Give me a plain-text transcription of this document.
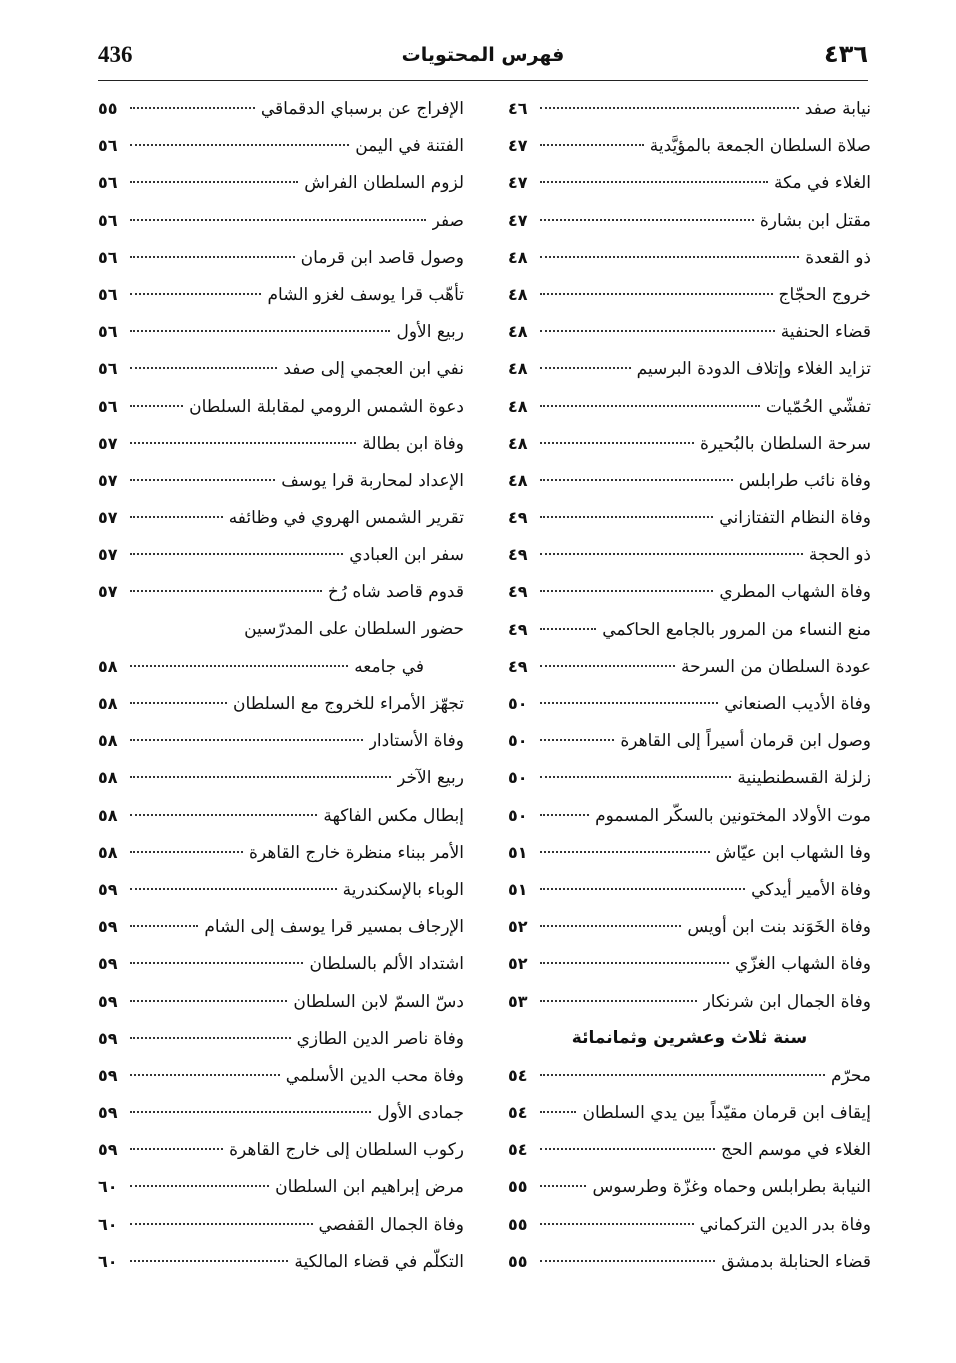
436	فهرس المحتويات	٤٣٦
نيابة صفد
٤٦
صلاة السلطان الجمعة بالمؤيَّدية
٤٧
الغلاء في مكة
٤٧
مقتل ابن بشارة
٤٧
ذو القعدة
٤٨
خروج الحجّاج
٤٨
قضاء الحنفية
٤٨
تزايد الغلاء وإتلاف الدودة البرسيم
٤٨
تفشّي الحُمّيات
٤٨
سرحة السلطان بالبُحيرة
٤٨
وفاة نائب طرابلس
٤٨
وفاة النظام التفتازاني
٤٩
ذو الحجة
٤٩
وفاة الشهاب المطري
٤٩
منع النساء من المرور بالجامع الحاكمي
٤٩
عودة السلطان من السرحة
٤٩
وفاة الأديب الصنعاني
٥٠
وصول ابن قرمان أسيراً إلى القاهرة
٥٠
زلزلة القسطنطينية
٥٠
موت الأولاد المختونين بالسكّر المسموم
٥٠
وفا الشهاب ابن عيّاش
٥١
وفاة الأمير أيدكي
٥١
وفاة الخَوَند بنت ابن أويس
٥٢
وفاة الشهاب الغزّي
٥٢
وفاة الجمال ابن شرنكار
٥٣
سنة ثلاث وعشرين وثمانمائة
محرّم
٥٤
إيقاف ابن قرمان مقيّداً بين يدي السلطان
٥٤
الغلاء في موسم الحج
٥٤
النيابة بطرابلس وحماه وغزّة وطرسوس
٥٥
وفاة بدر الدين التركماني
٥٥
قضاء الحنابلة بدمشق
٥٥
الإفراج عن برسباي الدقماقي
٥٥
الفتنة في اليمن
٥٦
لزوم السلطان الفراش
٥٦
صفر
٥٦
وصول قاصد ابن قرمان
٥٦
تأهّب قرا يوسف لغزو الشام
٥٦
ربيع الأول
٥٦
نفي ابن العجمي إلى صفد
٥٦
دعوة الشمس الرومي لمقابلة السلطان
٥٦
وفاة ابن بطالة
٥٧
الإعداد لمحاربة قرا يوسف
٥٧
تقرير الشمس الهروي في وظائفه
٥٧
سفر ابن العبادي
٥٧
قدوم قاصد شاه رُخ
٥٧
حضور السلطان على المدرّسين
في جامعه
٥٨
تجهّز الأمراء للخروج مع السلطان
٥٨
وفاة الأستادار
٥٨
ربيع الآخر
٥٨
إبطال مكس الفاكهة
٥٨
الأمر ببناء منظرة خارج القاهرة
٥٨
الوباء بالإسكندرية
٥٩
الإرجاف بمسير قرا يوسف إلى الشام
٥٩
اشتداد الألم بالسلطان
٥٩
دسّ السمّ لابن السلطان
٥٩
وفاة ناصر الدين الطازي
٥٩
وفاة محب الدين الأسلمي
٥٩
جمادى الأول
٥٩
ركوب السلطان إلى خارج القاهرة
٥٩
مرض إبراهيم ابن السلطان
٦٠
وفاة الجمال القفصي
٦٠
التكلّم في قضاء المالكية
٦٠
